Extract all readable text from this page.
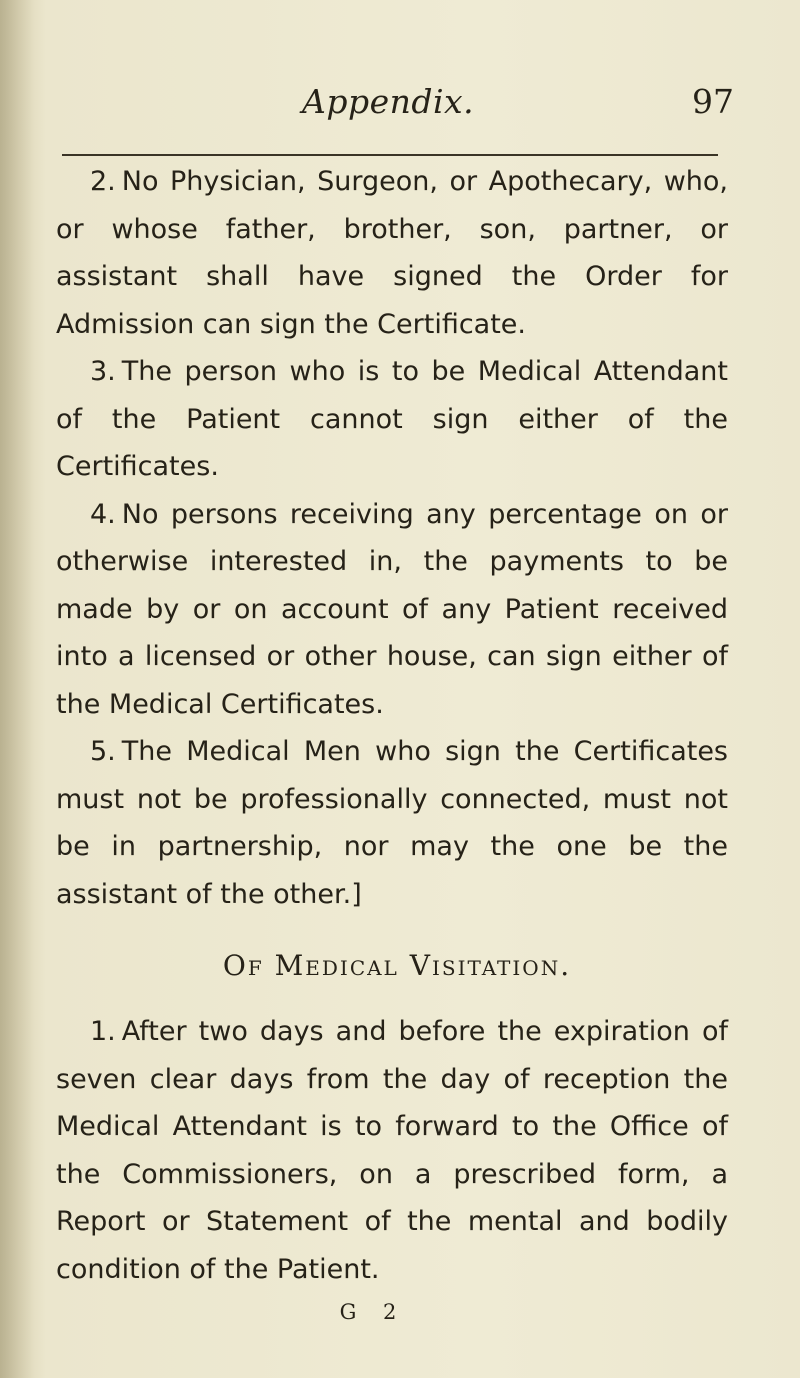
Appendix.	97

2. No Physician, Surgeon, or Apothecary, who, or whose father, brother, son, partner, or assistant shall have signed the Order for Admission can sign the Certificate.

3. The person who is to be Medical Attendant of the Patient cannot sign either of the Certificates.

4. No persons receiving any percentage on or otherwise interested in, the payments to be made by or on account of any Patient received into a licensed or other house, can sign either of the Medical Certificates.

5. The Medical Men who sign the Certificates must not be professionally connected, must not be in partnership, nor may the one be the assistant of the other.]

Of Medical Visitation.

1. After two days and before the expiration of seven clear days from the day of reception the Medical Attendant is to forward to the Office of the Commissioners, on a prescribed form, a Report or Statement of the mental and bodily condition of the Patient.

G 2
